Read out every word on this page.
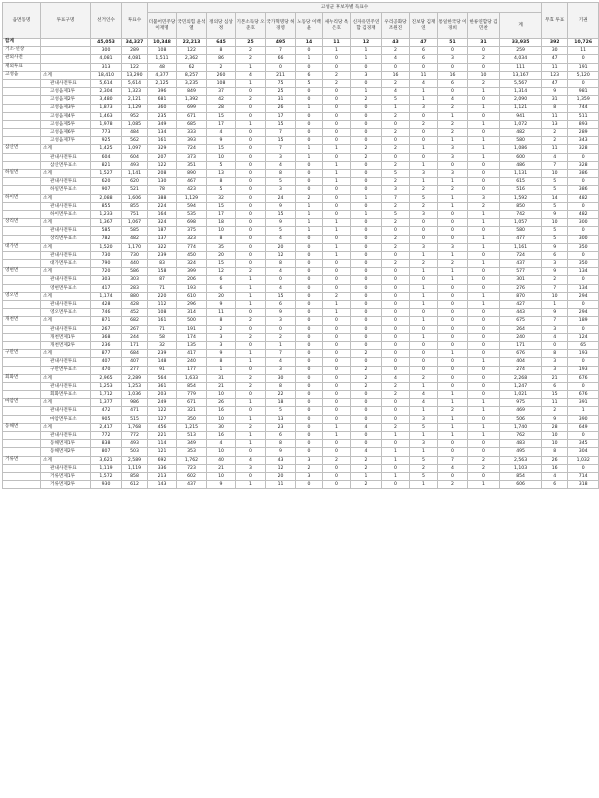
읍면동명	투표구명	선거인수	투표수	고성군 후보자별 득표수													무효 투표	기권
				더불어민주당 이재명	국민의힘 윤석열	정의당 심상정	기본소득당 오준호	국가혁명당 허경영	노동당 이백윤	새누리당 옥은호	신자유민주연합 김경재	우리공화당 조원진	진보당 김재연	통일한국당 이경희	한류연합당 김민찬	계		
합계		45,053	34,327	10,348	22,213	645	25	495	14	11	12	43	47	51	31	33,935	392	10,726
거소·선상		300	289	108	122	8	2	7	0	1	1	2	6	0	0	259	30	11
관외사전		4,081	4,081	1,511	2,362	86	2	66	1	0	1	4	6	3	2	4,034	47	0
재외투표		313	122	48	62	2	1	0	0	0	0	0	0	0	0	111	11	191
고성읍	소계	18,410	13,290	4,377	8,257	260	4	211	6	2	3	16	11	16	10	13,167	123	5,120
	관내사전투표	5,614	5,614	2,125	3,235	108	1	75	5	2	0	2	4	6	2	5,567	47	0
	고성읍제1투	2,304	1,323	396	849	37	0	25	0	0	1	4	1	0	1	1,314	9	981
	고성읍제2투	3,480	2,121	681	1,392	42	2	31	0	0	2	5	1	4	0	2,090	31	1,359
	고성읍제3투	1,873	1,129	360	699	28	0	26	1	0	0	1	3	2	1	1,121	8	744
	고성읍제4투	1,463	952	235	671	15	0	17	0	0	0	2	0	1	0	941	11	511
	고성읍제5투	1,978	1,085	349	685	17	1	15	0	0	0	0	2	2	1	1,072	13	893
	고성읍제6투	773	484	134	333	4	0	7	0	0	0	2	0	2	0	482	2	289
	고성읍제7투	925	562	161	393	9	0	15	0	0	0	0	0	1	1	580	2	343
삼산면	소계	1,425	1,097	329	724	15	0	7	1	1	2	2	1	3	1	1,086	11	328
	관내사전투표	604	604	207	373	10	0	3	1	0	2	0	0	3	1	600	4	0
	삼산면투표소	821	493	122	351	5	0	4	0	1	0	2	1	0	0	486	7	328
하일면	소계	1,527	1,141	208	890	13	0	8	0	1	0	5	3	3	0	1,131	10	386
	관내사전투표	620	620	130	467	8	0	5	0	1	0	2	1	1	0	615	5	0
	하일면투표소	907	521	78	423	5	0	3	0	0	0	3	2	2	0	516	5	386
하이면	소계	2,088	1,606	388	1,129	32	0	24	2	0	1	7	5	1	3	1,592	14	482
	관내사전투표	855	855	224	594	15	0	9	1	0	0	2	2	1	2	850	5	0
	하이면투표소	1,233	751	164	535	17	0	15	1	0	1	5	3	0	1	742	9	482
상리면	소계	1,367	1,067	324	698	18	0	9	1	1	0	2	0	0	1	1,057	10	300
	관내사전투표	585	585	187	375	10	0	5	1	1	0	0	0	0	0	580	5	0
	상리면투표소	782	482	137	323	8	0	4	0	0	0	2	0	0	1	477	5	300
대가면	소계	1,520	1,170	322	774	35	0	20	0	1	0	2	3	3	1	1,161	9	350
	관내사전투표	730	730	239	450	20	0	12	0	1	0	0	1	1	0	724	6	0
	대가면투표소	790	440	83	324	15	0	8	0	0	0	2	2	2	1	437	3	350
영현면	소계	720	586	158	399	12	2	4	0	0	0	0	1	1	0	577	9	134
	관내사전투표	303	303	87	206	6	1	0	0	0	0	0	0	1	0	301	2	0
	영현면투표소	417	283	71	193	6	1	4	0	0	0	0	1	0	0	276	7	134
영오면	소계	1,174	880	220	610	20	1	15	0	2	0	0	1	0	1	870	10	294
	관내사전투표	428	428	112	296	9	1	6	0	1	0	0	1	0	1	427	1	0
	영오면투표소	746	452	108	314	11	0	9	0	1	0	0	0	0	0	443	9	294
개천면	소계	871	682	161	500	8	2	3	0	0	0	0	1	0	0	675	7	189
	관내사전투표	267	267	71	191	2	0	0	0	0	0	0	0	0	0	264	3	0
	개천면제1투	368	244	58	174	3	2	2	0	0	0	0	1	0	0	240	4	124
	개천면제2투	236	171	32	135	3	0	1	0	0	0	0	0	0	0	171	0	65
구만면	소계	877	684	239	417	9	1	7	0	0	2	0	0	1	0	676	8	193
	관내사전투표	407	407	148	240	8	1	4	0	0	0	0	0	0	1	404	3	0
	구만면투표소	470	277	91	177	1	0	3	0	0	2	0	0	0	0	274	3	193
회화면	소계	2,965	2,289	564	1,633	31	2	30	0	0	2	4	2	0	0	2,268	21	676
	관내사전투표	1,253	1,253	361	854	21	2	8	0	0	2	2	1	0	0	1,247	6	0
	회화면투표소	1,712	1,036	203	779	10	0	22	0	0	0	2	4	1	0	1,021	15	676
마암면	소계	1,377	986	249	671	26	1	18	0	0	0	0	4	1	1	975	11	391
	관내사전투표	472	471	122	321	16	0	5	0	0	0	0	1	2	1	469	2	1
	마암면투표소	905	515	127	350	10	1	13	0	0	0	0	3	1	0	506	9	390
동해면	소계	2,417	1,768	456	1,215	30	2	23	0	1	4	2	5	1	1	1,740	28	649
	관내사전투표	772	772	221	513	16	1	6	0	1	0	1	1	1	1	762	10	0
	동해면제1투	838	493	114	349	4	1	8	0	0	0	0	3	0	0	483	10	345
	동해면제2투	807	503	121	353	10	0	9	0	0	4	1	1	0	0	495	8	304
거류면	소계	3,621	2,589	692	1,762	40	4	43	3	2	2	1	5	7	2	2,563	26	1,032
	관내사전투표	1,119	1,119	336	723	21	3	12	2	0	2	0	2	4	2	1,103	16	0
	거류면제1투	1,572	858	213	602	10	0	20	3	0	1	1	5	0	0	854	4	714
	거류면제2투	930	612	143	437	9	1	11	0	0	2	0	1	2	1	606	6	318
